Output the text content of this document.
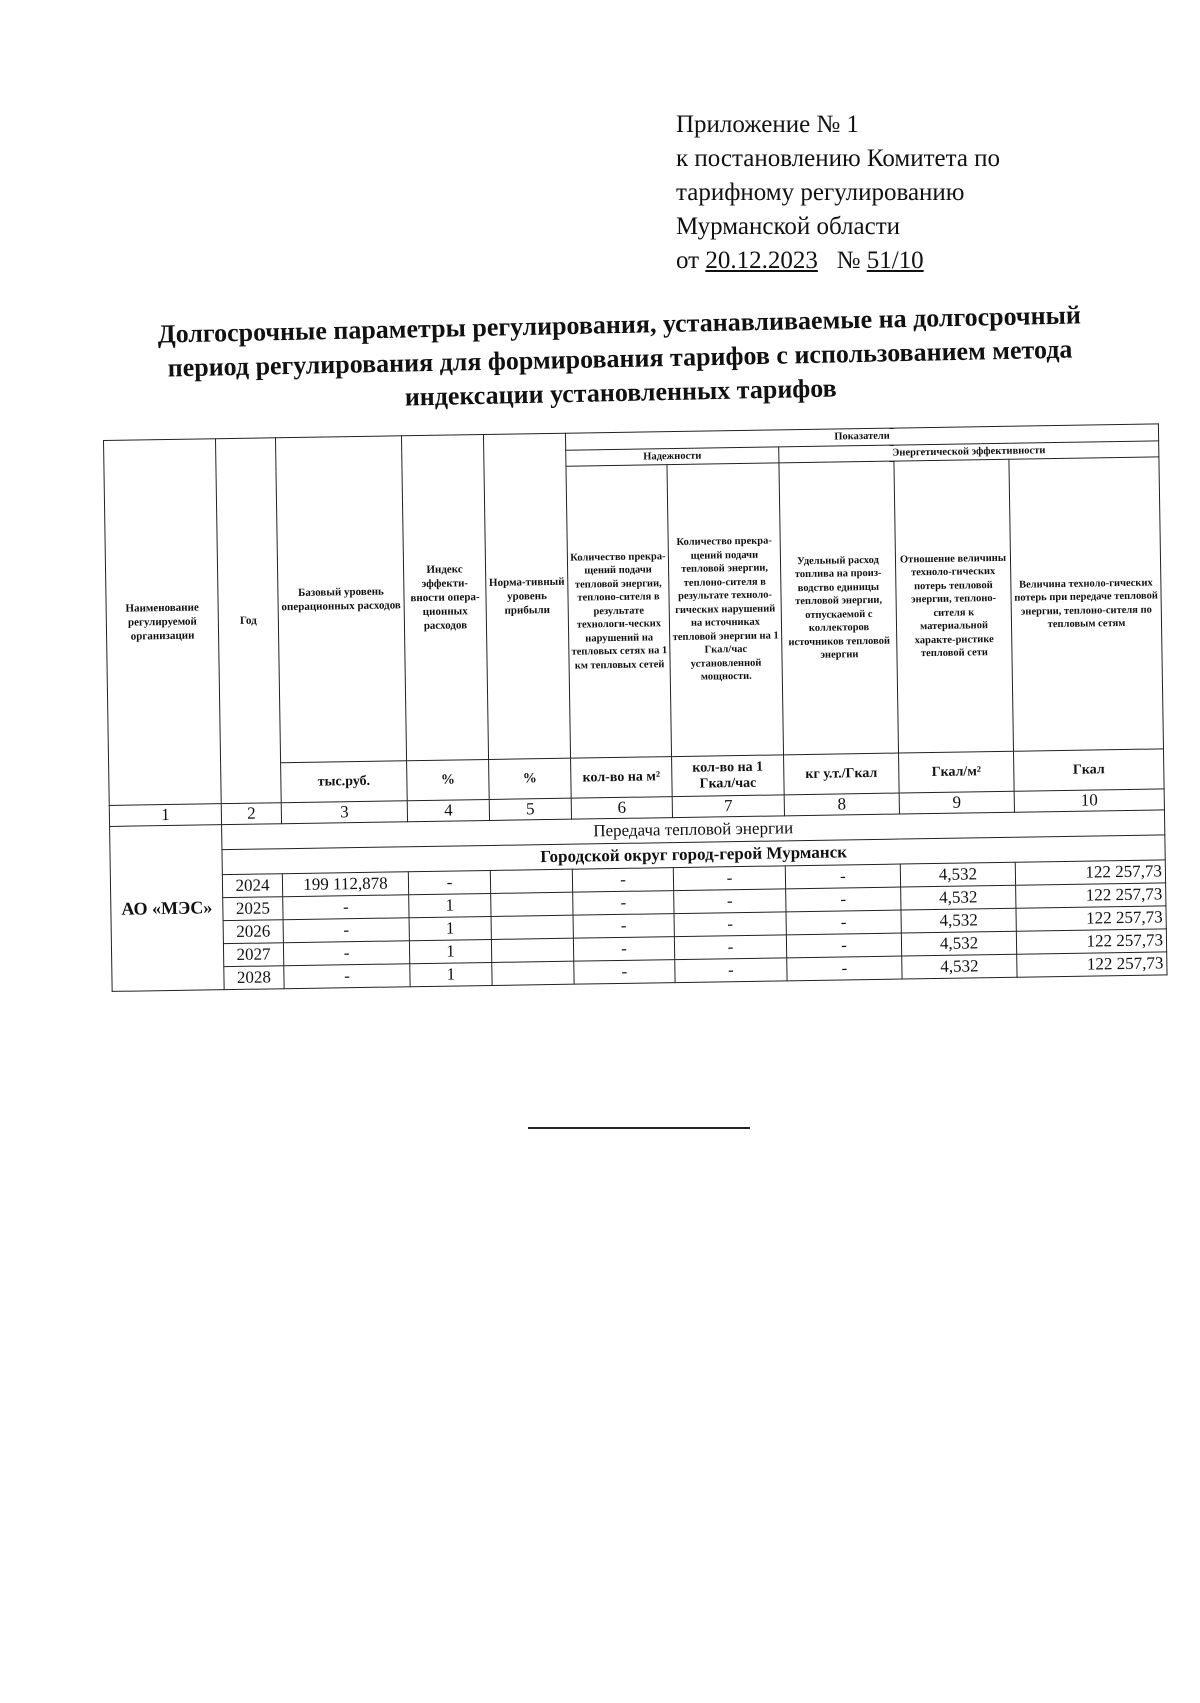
Приложение № 1
к постановлению Комитета по
тарифному регулированию
Мурманской области
от 20.12.2023 № 51/10
Долгосрочные параметры регулирования, устанавливаемые на долгосрочный период регулирования для формирования тарифов с использованием метода индексации установленных тарифов
Наименование регулируемой организации	Год	Базовый уровень операционных расходов	Индекс эффекти-вности опера-ционных расходов	Норма-тивный уровень прибыли	Показатели				
					Надежности		Энергетической эффективности		
					Количество прекра-щений подачи тепловой энергии, теплоно-сителя в результате технологи-ческих нарушений на тепловых сетях на 1 км тепловых сетей	Количество прекра-щений подачи тепловой энергии, теплоно-сителя в результате техноло-гических нарушений на источниках тепловой энергии на 1 Гкал/час установленной мощности.	Удельный расход топлива на произ-водство единицы тепловой энергии, отпускаемой с коллекторов источников тепловой энергии	Отношение величины техноло-гических потерь тепловой энергии, теплоно-сителя к материальной характе-ристике тепловой сети	Величина техноло-гических потерь при передаче тепловой энергии, теплоно-сителя по тепловым сетям
		тыс.руб.	%	%	кол-во на м²	кол-во на 1 Гкал/час	кг у.т./Гкал	Гкал/м²	Гкал
1	2	3	4	5	6	7	8	9	10
АО «МЭС»	Передача тепловой энергии								
	Городской округ город-герой Мурманск								
	2024	199 112,878	-		-	-	-	4,532	122 257,73
	2025	-	1		-	-	-	4,532	122 257,73
	2026	-	1		-	-	-	4,532	122 257,73
	2027	-	1		-	-	-	4,532	122 257,73
	2028	-	1		-	-	-	4,532	122 257,73
